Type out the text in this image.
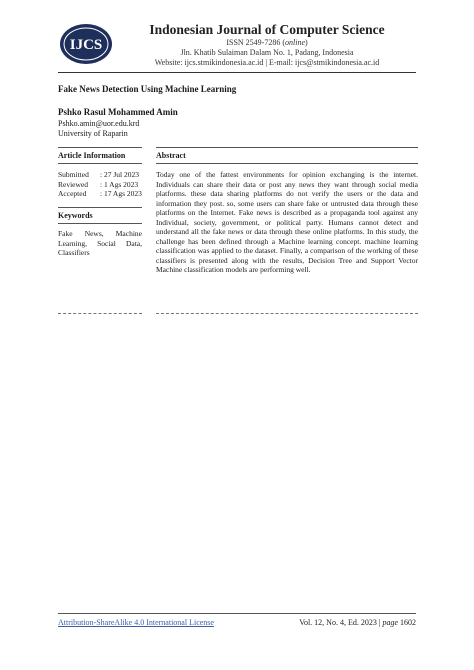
IJCS
Indonesian Journal of Computer Science
ISSN 2549-7286 (online)
Jln. Khatib Sulaiman Dalam No. 1, Padang, Indonesia
Website: ijcs.stmikindonesia.ac.id | E-mail: ijcs@stmikindonesia.ac.id
Fake News Detection Using Machine Learning
Pshko Rasul Mohammed Amin
Pshko.amin@uor.edu.krd
University of Raparin
Article Information	Abstract
Submitted : 27 Jul 2023
Reviewed : 1 Ags 2023
Accepted : 17 Ags 2023
Keywords
Fake News, Machine Learning, Social Data, Classifiers
Today one of the fattest environments for opinion exchanging is the internet. Individuals can share their data or post any news they want through social media platforms. these data sharing platforms do not verify the users or the data and information they post. so, some users can share fake or untrusted data through these platforms on the Internet. Fake news is described as a propaganda tool against any Individual, society, government, or political party. Humans cannot detect and understand all the fake news or data through these online platforms. In this study, the challenge has been defined through a Machine learning concept. machine learning classification was applied to the dataset. Finally, a comparison of the working of these classifiers is presented along with the results, Decision Tree and Support Vector Machine classification models are performing well.
Attribution-ShareAlike 4.0 International License	Vol. 12, No. 4, Ed. 2023 | page 1602
